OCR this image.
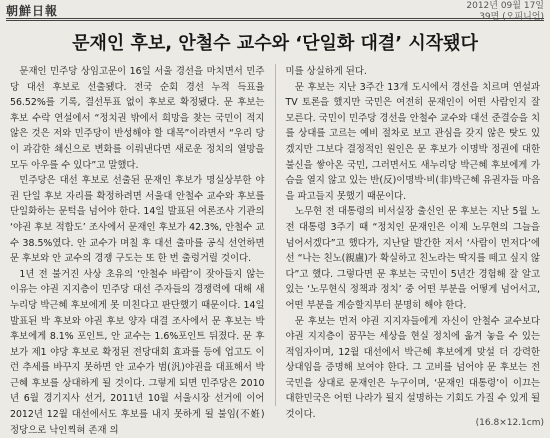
朝鮮日報	2012년 09월 17일
39면 (오피니언)
문재인 후보, 안철수 교수와 ‘단일화 대결’ 시작됐다

문재인 민주당 상임고문이 16일 서울 경선을 마치면서 민주당 대선 후보로 선출됐다. 전국 순회 경선 누적 득표율 56.52%를 기록, 결선투표 없이 후보로 확정됐다. 문 후보는 후보 수락 연설에서 “정치권 밖에서 희망을 찾는 국민이 적지 않은 것은 저와 민주당이 반성해야 할 대목”이라면서 “우리 당이 과감한 쇄신으로 변화를 이뤄낸다면 새로운 정치의 열망을 모두 아우를 수 있다”고 말했다.

민주당은 대선 후보로 선출된 문재인 후보가 명실상부한 야권 단일 후보 자리를 확정하려면 서울대 안철수 교수와 후보를 단일화하는 문턱을 넘어야 한다. 14일 발표된 여론조사 기관의 ‘야권 후보 적합도’ 조사에서 문재인 후보가 42.3%, 안철수 교수 38.5%였다. 안 교수가 며칠 후 대선 출마를 공식 선언하면 문 후보와 안 교수의 경쟁 구도는 또 한 번 출렁거릴 것이다.

1년 전 불거진 사상 초유의 ‘안철수 바람’이 잦아들지 않는 이유는 야권 지지층이 민주당 대선 주자들의 경쟁력에 대해 새누리당 박근혜 후보에게 못 미친다고 판단했기 때문이다. 14일 발표된 박 후보와 야권 후보 양자 대결 조사에서 문 후보는 박 후보에게 8.1% 포인트, 안 교수는 1.6%포인트 뒤졌다. 문 후보가 제1 야당 후보로 확정된 전당대회 효과를 등에 업고도 이런 추세를 바꾸지 못하면 안 교수가 범(汎)야권을 대표해서 박근혜 후보를 상대하게 될 것이다. 그렇게 되면 민주당은 2010년 6월 경기지사 선거, 2011년 10월 서울시장 선거에 이어 2012년 12월 대선에서도 후보를 내지 못하게 될 불임(不姙) 정당으로 낙인찍혀 존재 의

미를 상실하게 된다.

문 후보는 지난 3주간 13개 도시에서 경선을 치르며 연설과 TV 토론을 했지만 국민은 여전히 문재인이 어떤 사람인지 잘 모른다. 국민이 민주당 경선을 안철수 교수와 대선 준결승을 치를 상대를 고르는 예비 절차로 보고 관심을 갖지 않은 탓도 있겠지만 그보다 결정적인 원인은 문 후보가 이명박 정권에 대한 불신을 쌓아온 국민, 그러면서도 새누리당 박근혜 후보에게 가슴을 열지 않고 있는 반(反)이명박·비(非)박근혜 유권자들 마음을 파고들지 못했기 때문이다.

노무현 전 대통령의 비서실장 출신인 문 후보는 지난 5월 노전 대통령 3주기 때 “정치인 문재인은 이제 노무현의 그늘을 넘어서겠다”고 했다가, 지난달 발간한 저서 ‘사람이 먼저다’에선 “나는 친노(親盧)가 확실하고 친노라는 딱지를 떼고 싶지 않다”고 했다. 그렇다면 문 후보는 국민이 5년간 경험해 잘 알고 있는 ‘노무현식 정책과 정치’ 중 어떤 부분을 어떻게 넘어서고, 어떤 부분을 계승할지부터 분명히 해야 한다.

문 후보는 먼저 야권 지지자들에게 자신이 안철수 교수보다 야권 지지층이 꿈꾸는 세상을 현실 정치에 옮겨 놓을 수 있는 적임자이며, 12월 대선에서 박근혜 후보에게 맞설 더 강력한 상대임을 증명해 보여야 한다. 그 고비를 넘어야 문 후보는 전 국민을 상대로 문재인은 누구이며, ‘문재인 대통령’이 이끄는 대한민국은 어떤 나라가 될지 설명하는 기회도 가질 수 있게 될 것이다.

(16.8×12.1cm)
